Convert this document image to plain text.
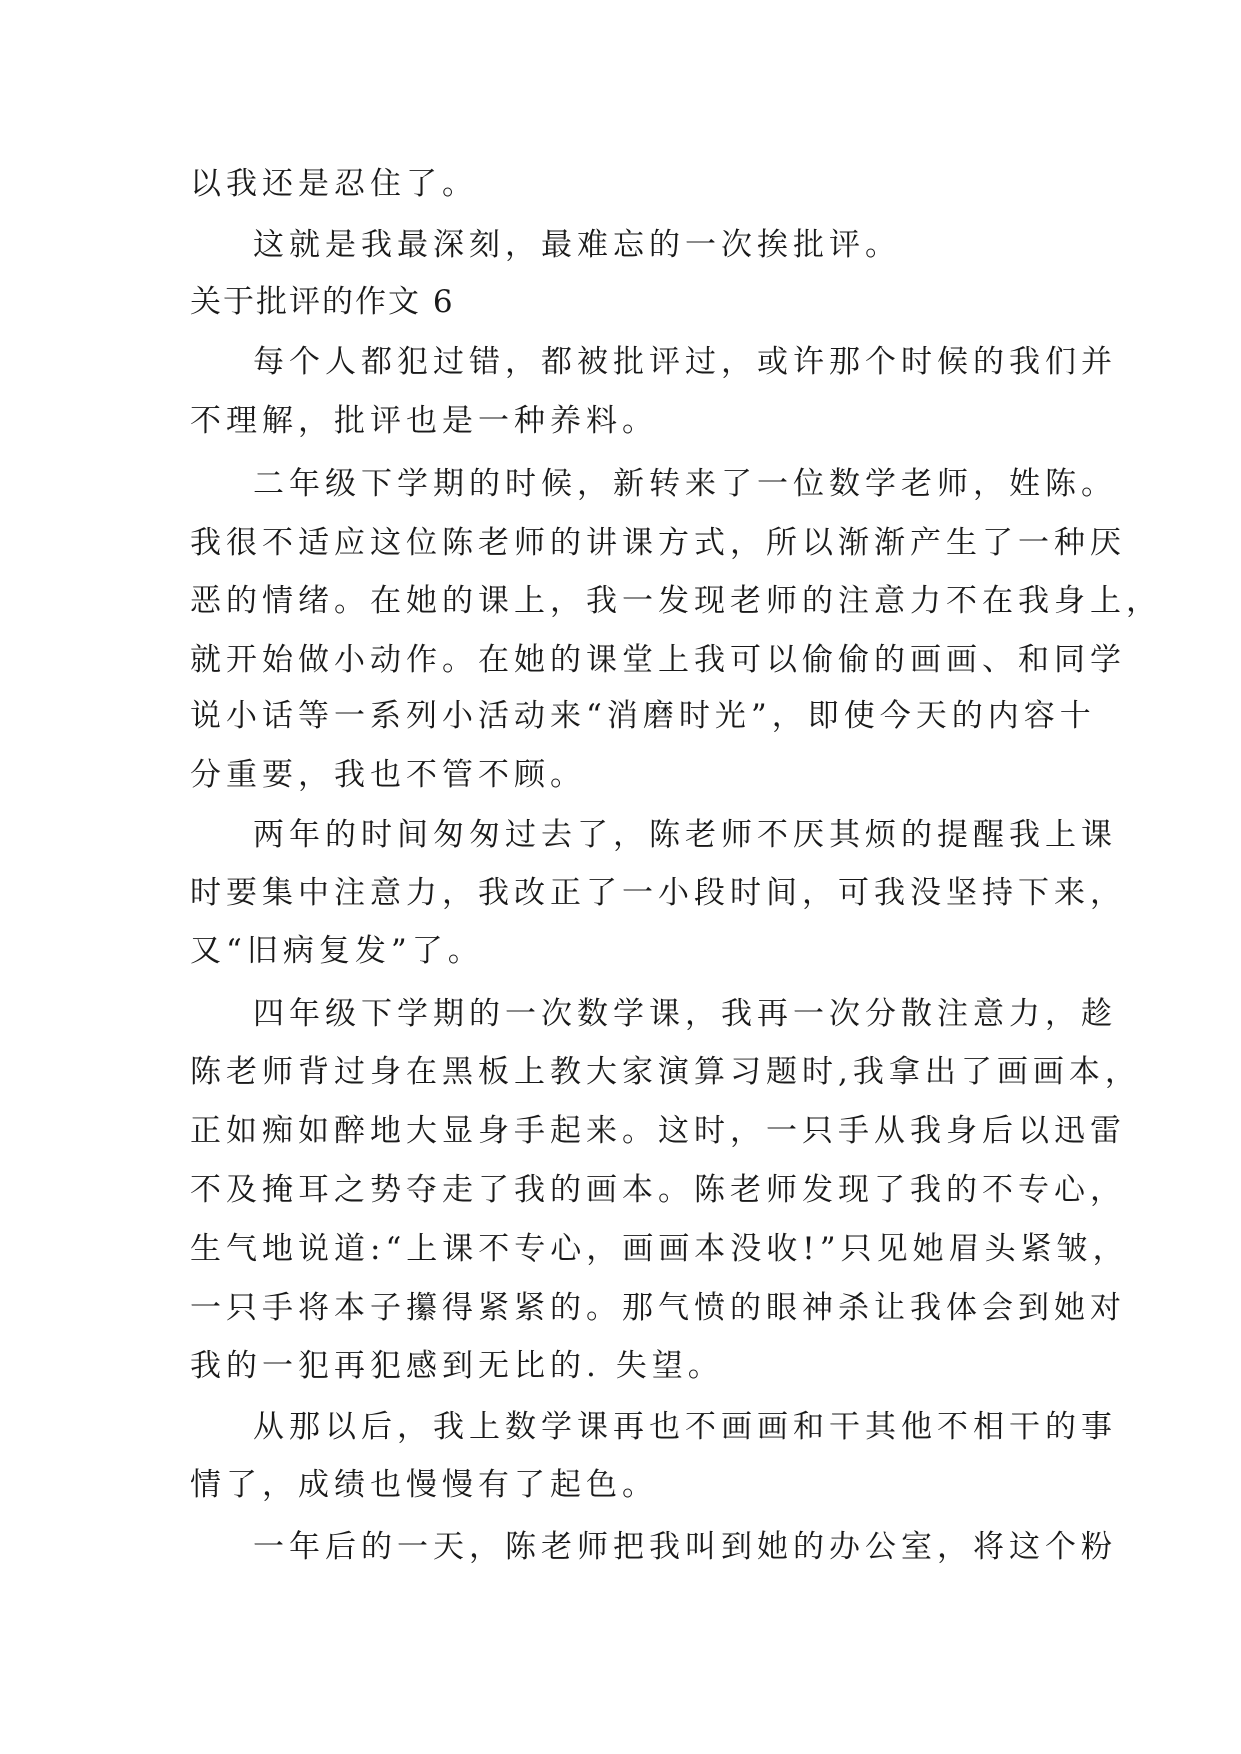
以我还是忍住了。
这就是我最深刻，最难忘的一次挨批评。
关于批评的作文 6
每个人都犯过错，都被批评过，或许那个时候的我们并
不理解，批评也是一种养料。
二年级下学期的时候，新转来了一位数学老师，姓陈。
我很不适应这位陈老师的讲课方式，所以渐渐产生了一种厌
恶的情绪。在她的课上，我一发现老师的注意力不在我身上，
就开始做小动作。在她的课堂上我可以偷偷的画画、和同学
说小话等一系列小活动来“消磨时光”，即使今天的内容十
分重要，我也不管不顾。
两年的时间匆匆过去了，陈老师不厌其烦的提醒我上课
时要集中注意力，我改正了一小段时间，可我没坚持下来，
又“旧病复发”了。
四年级下学期的一次数学课，我再一次分散注意力，趁
陈老师背过身在黑板上教大家演算习题时,我拿出了画画本，
正如痴如醉地大显身手起来。这时，一只手从我身后以迅雷
不及掩耳之势夺走了我的画本。陈老师发现了我的不专心，
生气地说道:“上课不专心，画画本没收!”只见她眉头紧皱，
一只手将本子攥得紧紧的。那气愤的眼神杀让我体会到她对
我的一犯再犯感到无比的. 失望。
从那以后，我上数学课再也不画画和干其他不相干的事
情了，成绩也慢慢有了起色。
一年后的一天，陈老师把我叫到她的办公室，将这个粉
